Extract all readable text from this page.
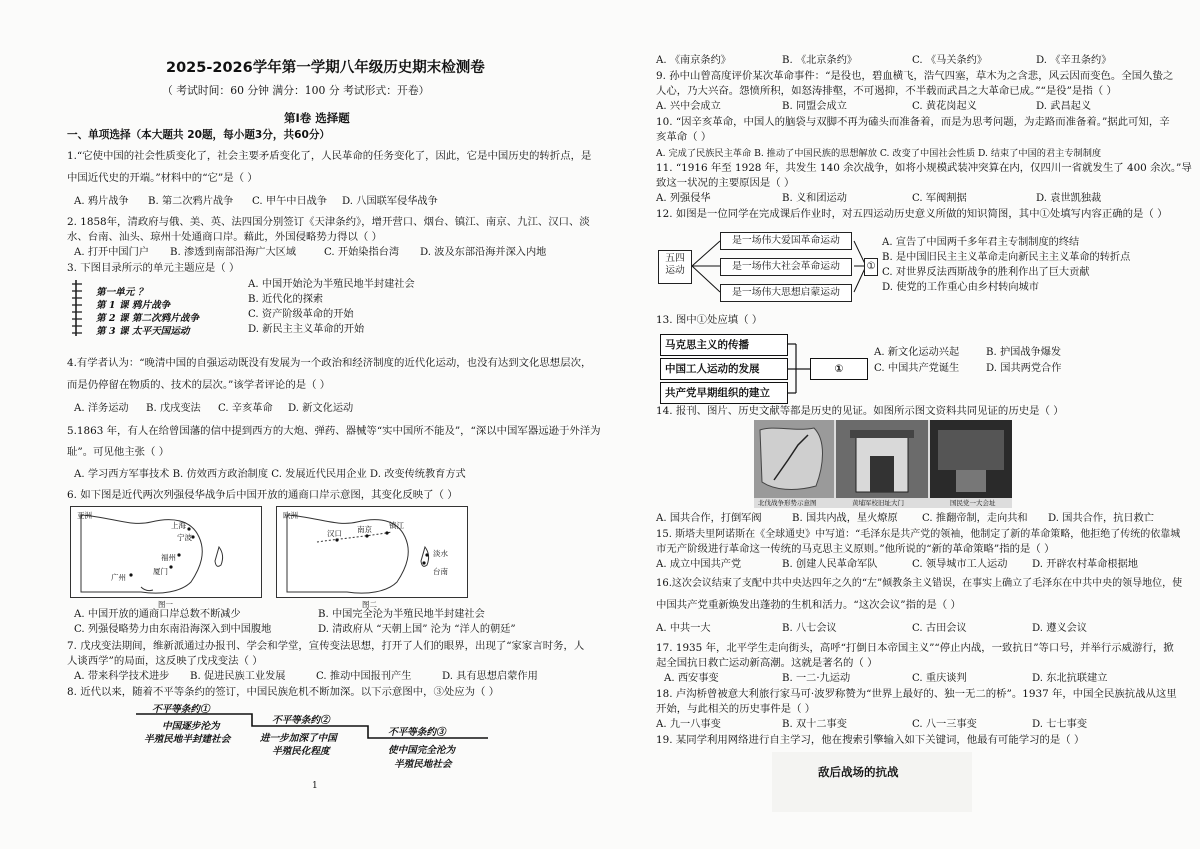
2025-2026学年第一学期八年级历史期末检测卷
（ 考试时间：60 分钟 满分：100 分 考试形式：开卷）
第Ⅰ卷 选择题
一、单项选择（本大题共 20题，每小题3分，共60分）
1.“它使中国的社会性质变化了，社会主要矛盾变化了，人民革命的任务变化了，因此，它是中国历史的转折点，是
中国近代史的开端。”材料中的“它”是（ ）
A. 鸦片战争 B. 第二次鸦片战争 C. 甲午中日战争 D. 八国联军侵华战争
2. 1858年，清政府与俄、美、英、法四国分别签订《天津条约》，增开营口、烟台、镇江、南京、九江、汉口、淡
水、台南、汕头、琼州十处通商口岸。藉此，外国侵略势力得以（ ）
A. 打开中国门户 B. 渗透到南部沿海广大区域	C. 开始染指台湾 D. 波及东部沿海并深入内地
3. 下图目录所示的单元主题应是（ ）
第一单元 ？
第 1 课 鸦片战争
第 2 课 第二次鸦片战争
第 3 课 太平天国运动
A. 中国开始沦为半殖民地半封建社会
B. 近代化的探索
C. 资产阶级革命的开始
D. 新民主主义革命的开始
4.有学者认为：“晚清中国的自强运动既没有发展为一个政治和经济制度的近代化运动，也没有达到文化思想层次，
而是仍停留在物质的、技术的层次。”该学者评论的是（ ）
A. 洋务运动 B. 戊戌变法 C. 辛亥革命 D. 新文化运动
5.1863 年，有人在给曾国藩的信中提到西方的大炮、弹药、器械等“实中国所不能及”，“深以中国军器远逊于外洋为
耻”。可见他主张（ ）
A. 学习西方军事技术 B. 仿效西方政治制度 C. 发展近代民用企业 D. 改变传统教育方式
6. 如下图是近代两次列强侵华战争后中国开放的通商口岸示意图，其变化反映了（ ）
亚洲
上海
宁波
福州
厦门
广州
图一
欧洲
汉口 南京 镇江
台南
淡水
图二
A. 中国开放的通商口岸总数不断减少	B. 中国完全沦为半殖民地半封建社会
C. 列强侵略势力由东南沿海深入到中国腹地	D. 清政府从 “天朝上国” 沦为 “洋人的朝廷”
7. 戊戌变法期间，维新派通过办报刊、学会和学堂，宣传变法思想，打开了人们的眼界，出现了“家家言时务，人
人谈西学”的局面，这反映了戊戌变法（ ）
A. 带来科学技术进步 B. 促进民族工业发展	C. 推动中国报刊产生	D. 具有思想启蒙作用
8. 近代以来，随着不平等条约的签订，中国民族危机不断加深。以下示意图中，③处应为（ ）
不平等条约①
中国逐步沦为
半殖民地半封建社会
不平等条约②
进一步加深了中国
半殖民化程度
不平等条约③
使中国完全沦为
半殖民地社会
1
A. 《南京条约》	B. 《北京条约》	C. 《马关条约》	D. 《辛丑条约》
9. 孙中山曾高度评价某次革命事件：“是役也，碧血横飞，浩气四塞，草木为之含悲，风云因而变色。全国久蛰之
人心，乃大兴奋。怨愤所积，如怒涛排壑，不可遏抑，不半载而武昌之大革命已成。”“是役”是指（ ）
A. 兴中会成立	B. 同盟会成立	C. 黄花岗起义	D. 武昌起义
10. “因辛亥革命，中国人的脑袋与双脚不再为磕头而准备着，而是为思考问题，为走路而准备着。”据此可知，辛
亥革命（ ）
A. 完成了民族民主革命 B. 推动了中国民族的思想解放 C. 改变了中国社会性质 D. 结束了中国的君主专制制度
11. “1916 年至 1928 年，共发生 140 余次战争，如将小规模武装冲突算在内，仅四川一省就发生了 400 余次。”导
致这一状况的主要原因是（ ）
A. 列强侵华	B. 义和团运动	C. 军阀割据	D. 袁世凯独裁
12. 如图是一位同学在完成课后作业时，对五四运动历史意义所做的知识简图，其中①处填写内容正确的是（ ）
五四
运动
是一场伟大爱国革命运动
是一场伟大社会革命运动
是一场伟大思想启蒙运动
①
A. 宣告了中国两千多年君主专制制度的终结
B. 是中国旧民主主义革命走向新民主主义革命的转折点
C. 对世界反法西斯战争的胜利作出了巨大贡献
D. 使党的工作重心由乡村转向城市
13. 图中①处应填（ ）
马克思主义的传播
中国工人运动的发展
共产党早期组织的建立
①
A. 新文化运动兴起	B. 护国战争爆发
C. 中国共产党诞生	D. 国共两党合作
14. 报刊、图片、历史文献等都是历史的见证。如图所示图文资料共同见证的历史是（ ）
北伐战争形势示意图	黄埔军校旧址大门	国民党一大会址
A. 国共合作，打倒军阀	B. 国共内战，星火燎原 C. 推翻帝制，走向共和 D. 国共合作，抗日救亡
15. 斯塔夫里阿诺斯在《全球通史》中写道：“毛泽东是共产党的领袖，他制定了新的革命策略，他拒绝了传统的依靠城
市无产阶级进行革命这一传统的马克思主义原则。”他所说的“新的革命策略”指的是（ ）
A. 成立中国共产党	B. 创建人民革命军队	C. 领导城市工人运动 D. 开辟农村革命根据地
16.这次会议结束了支配中共中央达四年之久的“左”倾教条主义错误，在事实上确立了毛泽东在中共中央的领导地位，使
中国共产党重新焕发出蓬勃的生机和活力。“这次会议”指的是（ ）
A. 中共一大	B. 八七会议	C. 古田会议	D. 遵义会议
17. 1935 年，北平学生走向街头，高呼“打倒日本帝国主义”“停止内战，一致抗日”等口号，并举行示威游行，掀
起全国抗日救亡运动新高潮。这就是著名的（ ）
A. 西安事变	B. 一二·九运动	C. 重庆谈判	D. 东北抗联建立
18. 卢沟桥曾被意大利旅行家马可·波罗称赞为“世界上最好的、独一无二的桥”。1937 年，中国全民族抗战从这里
开始，与此相关的历史事件是（ ）
A. 九一八事变	B. 双十二事变	C. 八一三事变	D. 七七事变
19. 某同学利用网络进行自主学习，他在搜索引擎输入如下关键词，他最有可能学习的是（ ）
敌后战场的抗战
